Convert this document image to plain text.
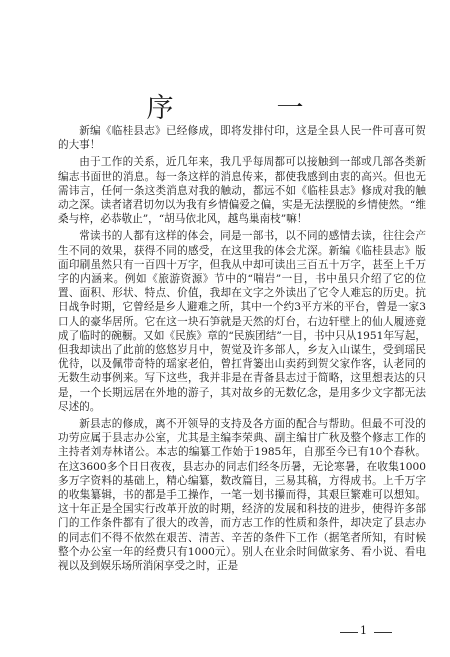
序　一

新编《临桂县志》已经修成，即将发排付印，这是全县人民一件可喜可贺的大事！

由于工作的关系，近几年来，我几乎每周都可以接触到一部或几部各类新编志书面世的消息。每一条这样的消息传来，都使我感到由衷的高兴。但也无需讳言，任何一条这类消息对我的触动，都远不如《临桂县志》修成对我的触动之深。读者诸君切勿以为我有乡情偏爱之偏，实是无法摆脱的乡情使然。“维桑与梓，必恭敬止”，“胡马依北风，越鸟巢南枝”嘛！

常读书的人都有这样的体会，同是一部书，以不同的感情去读，往往会产生不同的效果，获得不同的感受，在这里我的体会尤深。新编《临桂县志》版面印刷虽然只有一百四十万字，但我从中却可读出三百五十万字，甚至上千万字的内涵来。例如《旅游资源》节中的“喘岩”一目，书中虽只介绍了它的位置、面积、形状、特点、价值，我却在文字之外读出了它令人难忘的历史。抗日战争时期，它曾经是乡人避难之所，其中一个约3平方米的平台，曾是一家3口人的豪华居所。它在这一块石笋就是天然的灯台，右边轩壁上的仙人履迹竟成了临时的碗橱。又如《民族》章的“民族团结”一目，书中只从1951年写起，但我却读出了此前的悠悠岁月中，贺觉及许多部人，乡友入山谋生，受到瑶民优待，以及佩带奇特的瑶家老伯，曾扛背篓出山卖药到贺父家作客，认老同的无数生动事例来。写下这些，我并非是在青备县志过于简略，这里想表达的只是，一个长期远居在外地的游子，其对故乡的无数亿念，是用多少文字都无法尽述的。

新县志的修成，离不开领导的支持及各方面的配合与帮助。但最不可没的功劳应属于县志办公室，尤其是主编李荣典、副主编甘广秋及整个修志工作的主持者刘寿林诸公。本志的编纂工作始于1985年，自那至今已有10个春秋。在这3600多个日日夜夜，县志办的同志们经冬历暑，无论寒暑，在收集1000多万字资料的基础上，精心编纂，数改篇目，三易其稿，方得成书。上千万字的收集纂辑，书的都是手工操作，一笔一划书攥而得，其艰巨繁难可以想知。这十年正是全国实行改革开放的时期，经济的发展和科技的进步，使得许多部门的工作条件都有了很大的改善，而方志工作的性质和条件，却决定了县志办的同志们不得不依然在艰苦、清苦、辛苦的条件下工作（据笔者所知，有时候整个办公室一年的经费只有1000元）。别人在业余时间做家务、看小说、看电视以及到娱乐场所消闲享受之时，正是

1
